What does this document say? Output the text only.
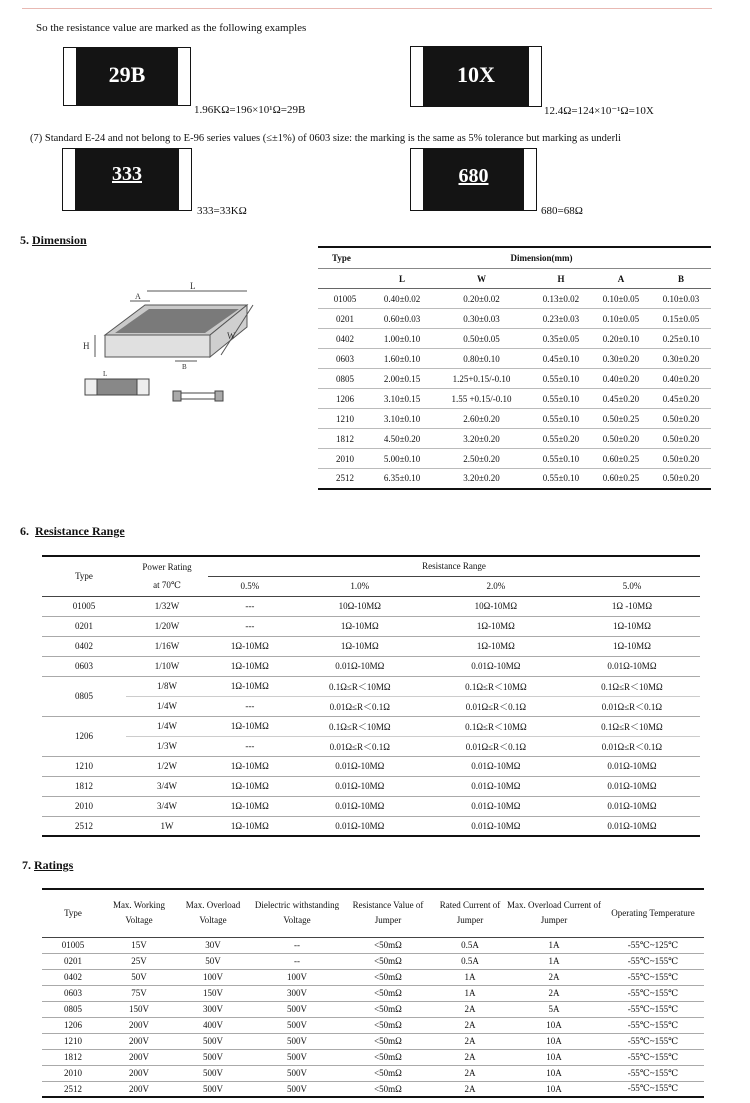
So the resistance value are marked as the following examples
29B
1.96KΩ=196×10¹Ω=29B
10X
12.4Ω=124×10⁻¹Ω=10X
(7) Standard E-24 and not belong to E-96 series values (≤±1%) of 0603 size: the marking is the same as 5% tolerance but marking as underli
333
333=33KΩ
680
680=68Ω
5. Dimension
L
A
W
H
B
L
Type	Dimension(mm)				
	L	W	H	A	B
01005	0.40±0.02	0.20±0.02	0.13±0.02	0.10±0.05	0.10±0.03
0201	0.60±0.03	0.30±0.03	0.23±0.03	0.10±0.05	0.15±0.05
0402	1.00±0.10	0.50±0.05	0.35±0.05	0.20±0.10	0.25±0.10
0603	1.60±0.10	0.80±0.10	0.45±0.10	0.30±0.20	0.30±0.20
0805	2.00±0.15	1.25+0.15/-0.10	0.55±0.10	0.40±0.20	0.40±0.20
1206	3.10±0.15	1.55 +0.15/-0.10	0.55±0.10	0.45±0.20	0.45±0.20
1210	3.10±0.10	2.60±0.20	0.55±0.10	0.50±0.25	0.50±0.20
1812	4.50±0.20	3.20±0.20	0.55±0.20	0.50±0.20	0.50±0.20
2010	5.00±0.10	2.50±0.20	0.55±0.10	0.60±0.25	0.50±0.20
2512	6.35±0.10	3.20±0.20	0.55±0.10	0.60±0.25	0.50±0.20
6. Resistance Range
Type	Power Rating	Resistance Range			
	at 70℃	0.5%	1.0%	2.0%	5.0%
01005	1/32W	---	10Ω-10MΩ	10Ω-10MΩ	1Ω -10MΩ
0201	1/20W	---	1Ω-10MΩ	1Ω-10MΩ	1Ω-10MΩ
0402	1/16W	1Ω-10MΩ	1Ω-10MΩ	1Ω-10MΩ	1Ω-10MΩ
0603	1/10W	1Ω-10MΩ	0.01Ω-10MΩ	0.01Ω-10MΩ	0.01Ω-10MΩ
0805	1/8W	1Ω-10MΩ	0.1Ω≤R＜10MΩ	0.1Ω≤R＜10MΩ	0.1Ω≤R＜10MΩ
	1/4W	---	0.01Ω≤R＜0.1Ω	0.01Ω≤R＜0.1Ω	0.01Ω≤R＜0.1Ω
1206	1/4W	1Ω-10MΩ	0.1Ω≤R＜10MΩ	0.1Ω≤R＜10MΩ	0.1Ω≤R＜10MΩ
	1/3W	---	0.01Ω≤R＜0.1Ω	0.01Ω≤R＜0.1Ω	0.01Ω≤R＜0.1Ω
1210	1/2W	1Ω-10MΩ	0.01Ω-10MΩ	0.01Ω-10MΩ	0.01Ω-10MΩ
1812	3/4W	1Ω-10MΩ	0.01Ω-10MΩ	0.01Ω-10MΩ	0.01Ω-10MΩ
2010	3/4W	1Ω-10MΩ	0.01Ω-10MΩ	0.01Ω-10MΩ	0.01Ω-10MΩ
2512	1W	1Ω-10MΩ	0.01Ω-10MΩ	0.01Ω-10MΩ	0.01Ω-10MΩ
7. Ratings
Type	Max. Working Voltage	Max. Overload Voltage	Dielectric withstanding Voltage	Resistance Value of Jumper	Rated Current of Jumper	Max. Overload Current of Jumper	Operating Temperature
01005	15V	30V	--	<50mΩ	0.5A	1A	-55℃~125℃
0201	25V	50V	--	<50mΩ	0.5A	1A	-55℃~155℃
0402	50V	100V	100V	<50mΩ	1A	2A	-55℃~155℃
0603	75V	150V	300V	<50mΩ	1A	2A	-55℃~155℃
0805	150V	300V	500V	<50mΩ	2A	5A	-55℃~155℃
1206	200V	400V	500V	<50mΩ	2A	10A	-55℃~155℃
1210	200V	500V	500V	<50mΩ	2A	10A	-55℃~155℃
1812	200V	500V	500V	<50mΩ	2A	10A	-55℃~155℃
2010	200V	500V	500V	<50mΩ	2A	10A	-55℃~155℃
2512	200V	500V	500V	<50mΩ	2A	10A	-55℃~155℃
